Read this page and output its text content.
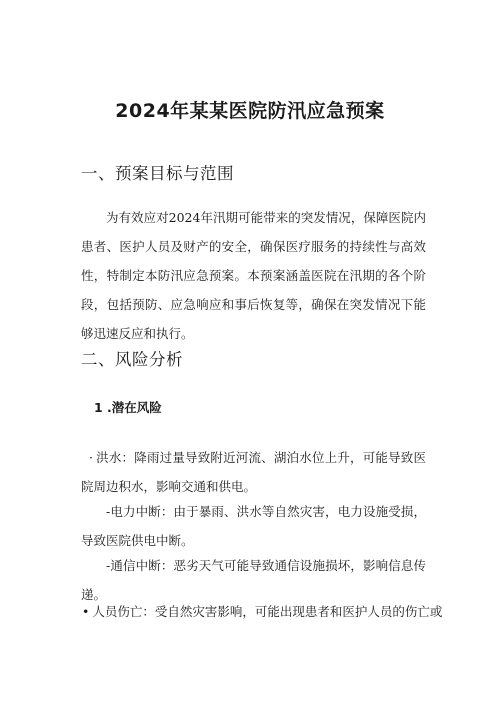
2024年某某医院防汛应急预案
一、预案目标与范围

为有效应对2024年汛期可能带来的突发情况，保障医院内患者、医护人员及财产的安全，确保医疗服务的持续性与高效性，特制定本防汛应急预案。本预案涵盖医院在汛期的各个阶段，包括预防、应急响应和事后恢复等，确保在突发情况下能够迅速反应和执行。

二、风险分析
1 .潜在风险

· 洪水：降雨过量导致附近河流、湖泊水位上升，可能导致医院周边积水，影响交通和供电。

-电力中断：由于暴雨、洪水等自然灾害，电力设施受损，导致医院供电中断。

-通信中断：恶劣天气可能导致通信设施损坏，影响信息传递。

• 人员伤亡：受自然灾害影响，可能出现患者和医护人员的伤亡或
